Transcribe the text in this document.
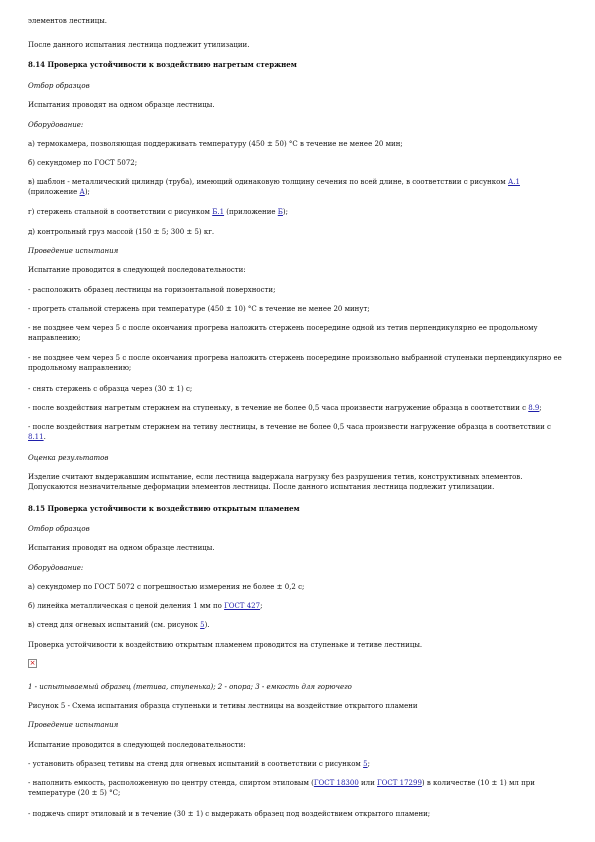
элементов лестницы.

После данного испытания лестница подлежит утилизации.

8.14 Проверка устойчивости к воздействию нагретым стержнем

Отбор образцов

Испытания проводят на одном образце лестницы.

Оборудование:

а) термокамера, позволяющая поддерживать температуру (450 ± 50) °С в течение не менее 20 мин;

б) секундомер по ГОСТ 5072;

в) шаблон - металлический цилиндр (труба), имеющий одинаковую толщину сечения по всей длине, в соответствии с рисунком А.1
(приложение А);

г) стержень стальной в соответствии с рисунком Б.1 (приложение Б);

д) контрольный груз массой (150 ± 5; 300 ± 5) кг.

Проведение испытания

Испытание проводится в следующей последовательности:

- расположить образец лестницы на горизонтальной поверхности;

- прогреть стальной стержень при температуре (450 ± 10) °С в течение не менее 20 минут;

- не позднее чем через 5 с после окончания прогрева наложить стержень посередине одной из тетив перпендикулярно ее продольному направлению;

- не позднее чем через 5 с после окончания прогрева наложить стержень посередине произвольно выбранной ступеньки перпендикулярно ее продольному направлению;

- снять стержень с образца через (30 ± 1) с;

- после воздействия нагретым стержнем на ступеньку, в течение не более 0,5 часа произвести нагружение образца в соответствии с 8.9;

- после воздействия нагретым стержнем на тетиву лестницы, в течение не более 0,5 часа произвести нагружение образца в соответствии с
8.11.

Оценка результатов

Изделие считают выдержавшим испытание, если лестница выдержала нагрузку без разрушения тетив, конструктивных элементов. Допускаются незначительные деформации элементов лестницы. После данного испытания лестница подлежит утилизации.

8.15 Проверка устойчивости к воздействию открытым пламенем

Отбор образцов

Испытания проводят на одном образце лестницы.

Оборудование:

а) секундомер по ГОСТ 5072 с погрешностью измерения не более ± 0,2 с;

б) линейка металлическая с ценой деления 1 мм по ГОСТ 427;

в) стенд для огневых испытаний (см. рисунок 5).

Проверка устойчивости к воздействию открытым пламенем проводится на ступеньке и тетиве лестницы.

×

1 - испытываемый образец (тетива, ступенька); 2 - опора; 3 - емкость для горючего

Рисунок 5 - Схема испытания образца ступеньки и тетивы лестницы на воздействие открытого пламени

Проведение испытания

Испытание проводится в следующей последовательности:

- установить образец тетивы на стенд для огневых испытаний в соответствии с рисунком 5;

- наполнить емкость, расположенную по центру стенда, спиртом этиловым (ГОСТ 18300 или ГОСТ 17299) в количестве (10 ± 1) мл при температуре (20 ± 5) °С;

- поджечь спирт этиловый и в течение (30 ± 1) с выдержать образец под воздействием открытого пламени;
